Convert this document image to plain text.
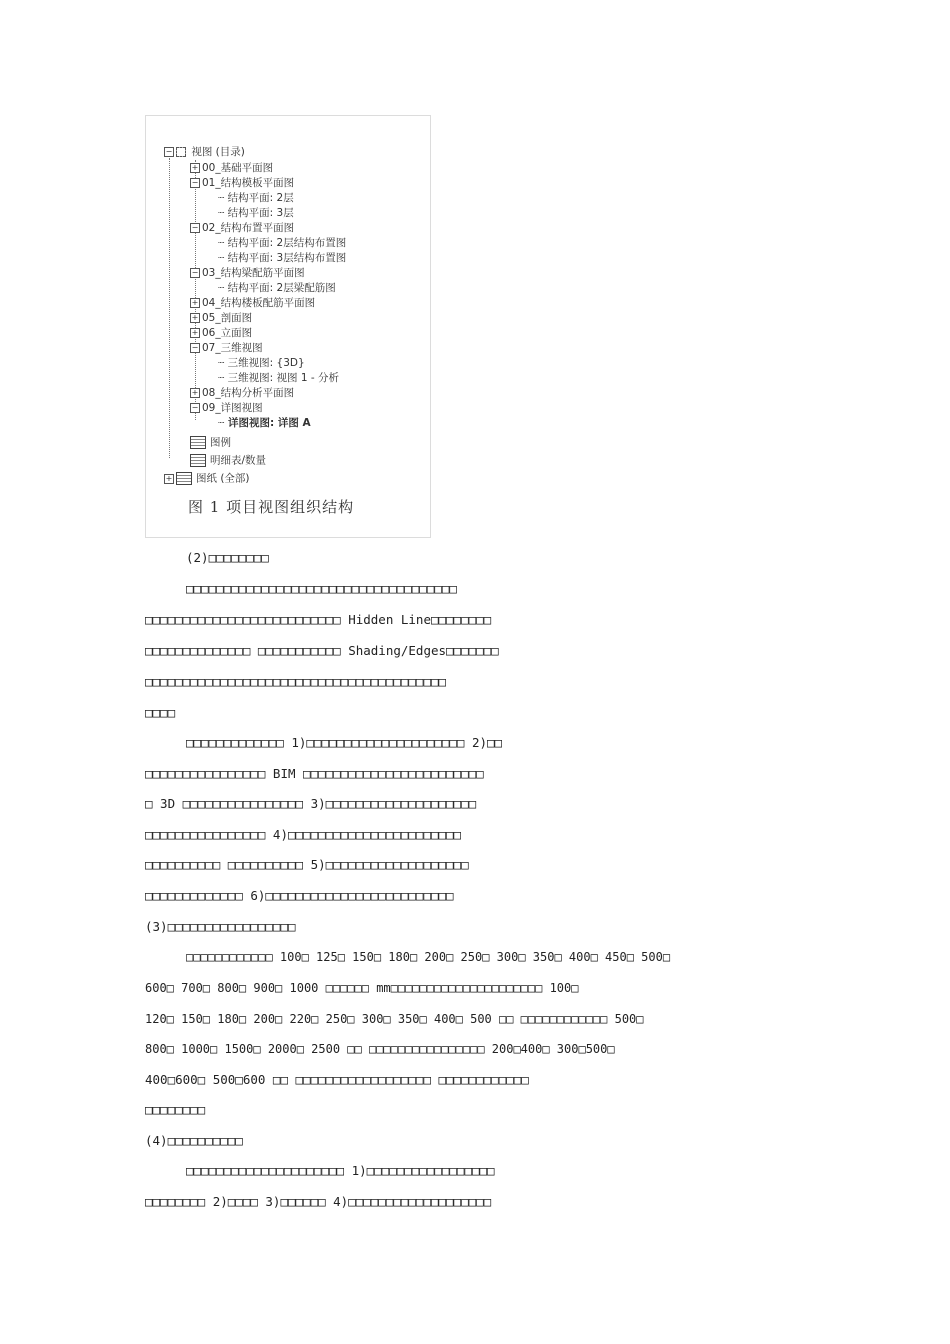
− 视图 (目录)
+ 00_基础平面图
− 01_结构模板平面图
┈ 结构平面: 2层
┈ 结构平面: 3层
− 02_结构布置平面图
┈ 结构平面: 2层结构布置图
┈ 结构平面: 3层结构布置图
− 03_结构梁配筋平面图
┈ 结构平面: 2层梁配筋图
+ 04_结构楼板配筋平面图
+ 05_剖面图
+ 06_立面图
− 07_三维视图
┈ 三维视图: {3D}
┈ 三维视图: 视图 1 - 分析
+ 08_结构分析平面图
− 09_详图视图
┈ 详图视图: 详图 A
图例
明细表/数量
+ 图纸 (全部)
图 1 项目视图组织结构
(2)□□□□□□□□
□□□□□□□□□□□□□□□□□□□□□□□□□□□□□□□□□□□□
□□□□□□□□□□□□□□□□□□□□□□□□□□ Hidden Line□□□□□□□□
□□□□□□□□□□□□□□ □□□□□□□□□□□ Shading/Edges□□□□□□□
□□□□□□□□□□□□□□□□□□□□□□□□□□□□□□□□□□□□□□□□
□□□□
□□□□□□□□□□□□□ 1)□□□□□□□□□□□□□□□□□□□□□ 2)□□
□□□□□□□□□□□□□□□□ BIM □□□□□□□□□□□□□□□□□□□□□□□□
□ 3D □□□□□□□□□□□□□□□□ 3)□□□□□□□□□□□□□□□□□□□□
□□□□□□□□□□□□□□□□ 4)□□□□□□□□□□□□□□□□□□□□□□□
□□□□□□□□□□ □□□□□□□□□□ 5)□□□□□□□□□□□□□□□□□□□
□□□□□□□□□□□□□ 6)□□□□□□□□□□□□□□□□□□□□□□□□□
(3)□□□□□□□□□□□□□□□□□
□□□□□□□□□□□□ 100□ 125□ 150□ 180□ 200□ 250□ 300□ 350□ 400□ 450□ 500□
600□ 700□ 800□ 900□ 1000 □□□□□□ mm□□□□□□□□□□□□□□□□□□□□□ 100□
120□ 150□ 180□ 200□ 220□ 250□ 300□ 350□ 400□ 500 □□ □□□□□□□□□□□□ 500□
800□ 1000□ 1500□ 2000□ 2500 □□ □□□□□□□□□□□□□□□□ 200□400□ 300□500□
400□600□ 500□600 □□ □□□□□□□□□□□□□□□□□□ □□□□□□□□□□□□
□□□□□□□□
(4)□□□□□□□□□□
□□□□□□□□□□□□□□□□□□□□□ 1)□□□□□□□□□□□□□□□□□
□□□□□□□□ 2)□□□□ 3)□□□□□□ 4)□□□□□□□□□□□□□□□□□□□
